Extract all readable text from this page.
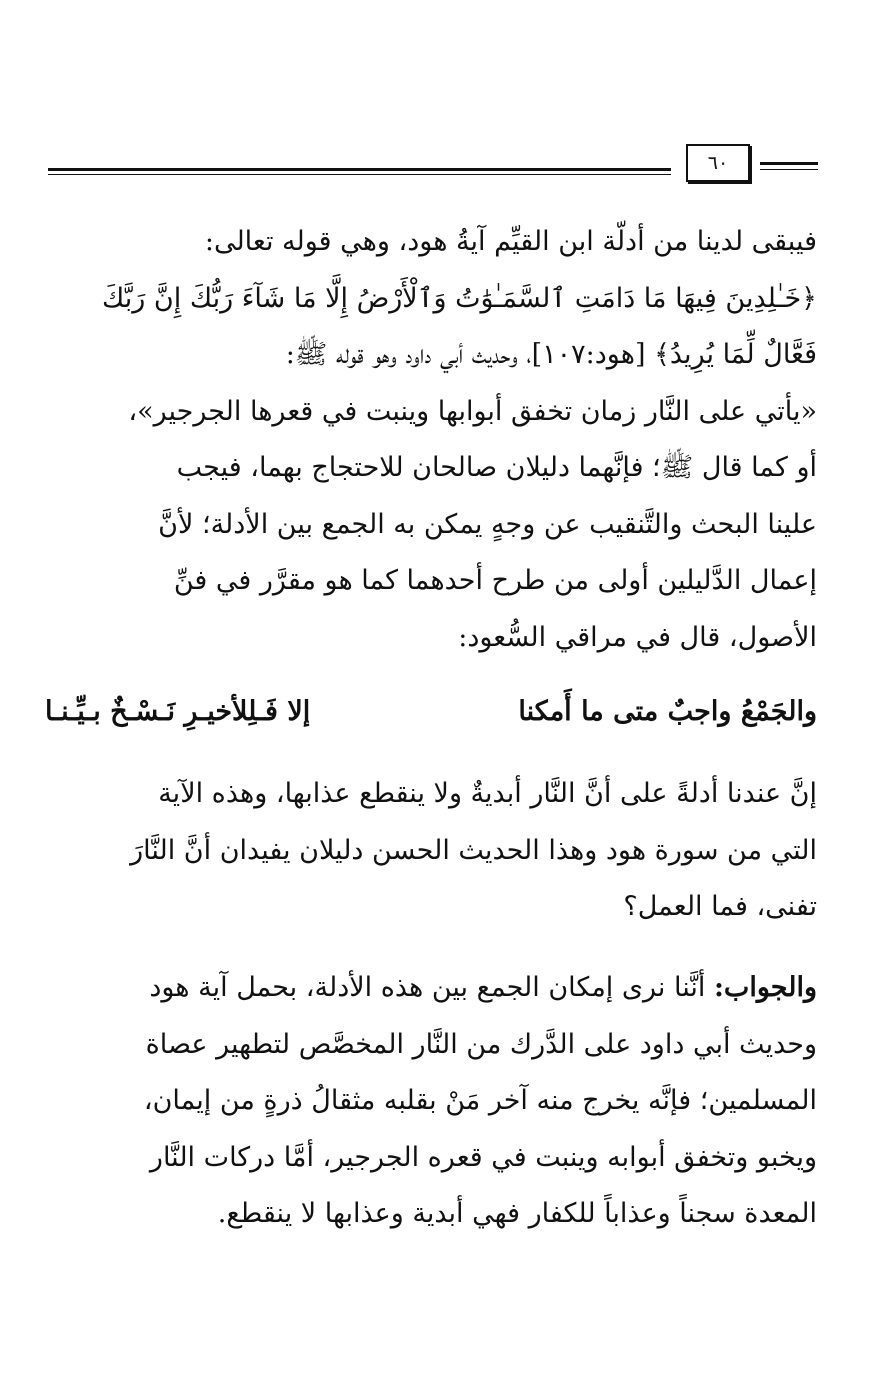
٦٠
فيبقى لدينا من أدلّة ابن القيِّم آيةُ هود، وهي قوله تعالى:
﴿خَـٰلِدِينَ فِيهَا مَا دَامَتِ ٱلسَّمَـٰوَٰتُ وَٱلْأَرْضُ إِلَّا مَا شَآءَ رَبُّكَ إِنَّ رَبَّكَ
فَعَّالٌ لِّمَا يُرِيدُ﴾ [هود:١٠٧]، وحديث أبي داود وهو قوله ﷺ:
«يأتي على النَّار زمان تخفق أبوابها وينبت في قعرها الجرجير»،
أو كما قال ﷺ؛ فإنَّهما دليلان صالحان للاحتجاج بهما، فيجب
علينا البحث والتَّنقيب عن وجهٍ يمكن به الجمع بين الأدلة؛ لأنَّ
إعمال الدَّليلين أولى من طرح أحدهما كما هو مقرَّر في فنِّ
الأصول، قال في مراقي السُّعود:
والجَمْعُ واجبٌ متى ما أَمكنا
إلا فَـلِلأخيـرِ نَـسْـخٌ بـيِّـنـا
إنَّ عندنا أدلةً على أنَّ النَّار أبديةٌ ولا ينقطع عذابها، وهذه الآية
التي من سورة هود وهذا الحديث الحسن دليلان يفيدان أنَّ النَّارَ
تفنى، فما العمل؟
والجواب: أنَّنا نرى إمكان الجمع بين هذه الأدلة، بحمل آية هود
وحديث أبي داود على الدَّرك من النَّار المخصَّص لتطهير عصاة
المسلمين؛ فإنَّه يخرج منه آخر مَنْ بقلبه مثقالُ ذرةٍ من إيمان،
ويخبو وتخفق أبوابه وينبت في قعره الجرجير، أمَّا دركات النَّار
المعدة سجناً وعذاباً للكفار فهي أبدية وعذابها لا ينقطع.
